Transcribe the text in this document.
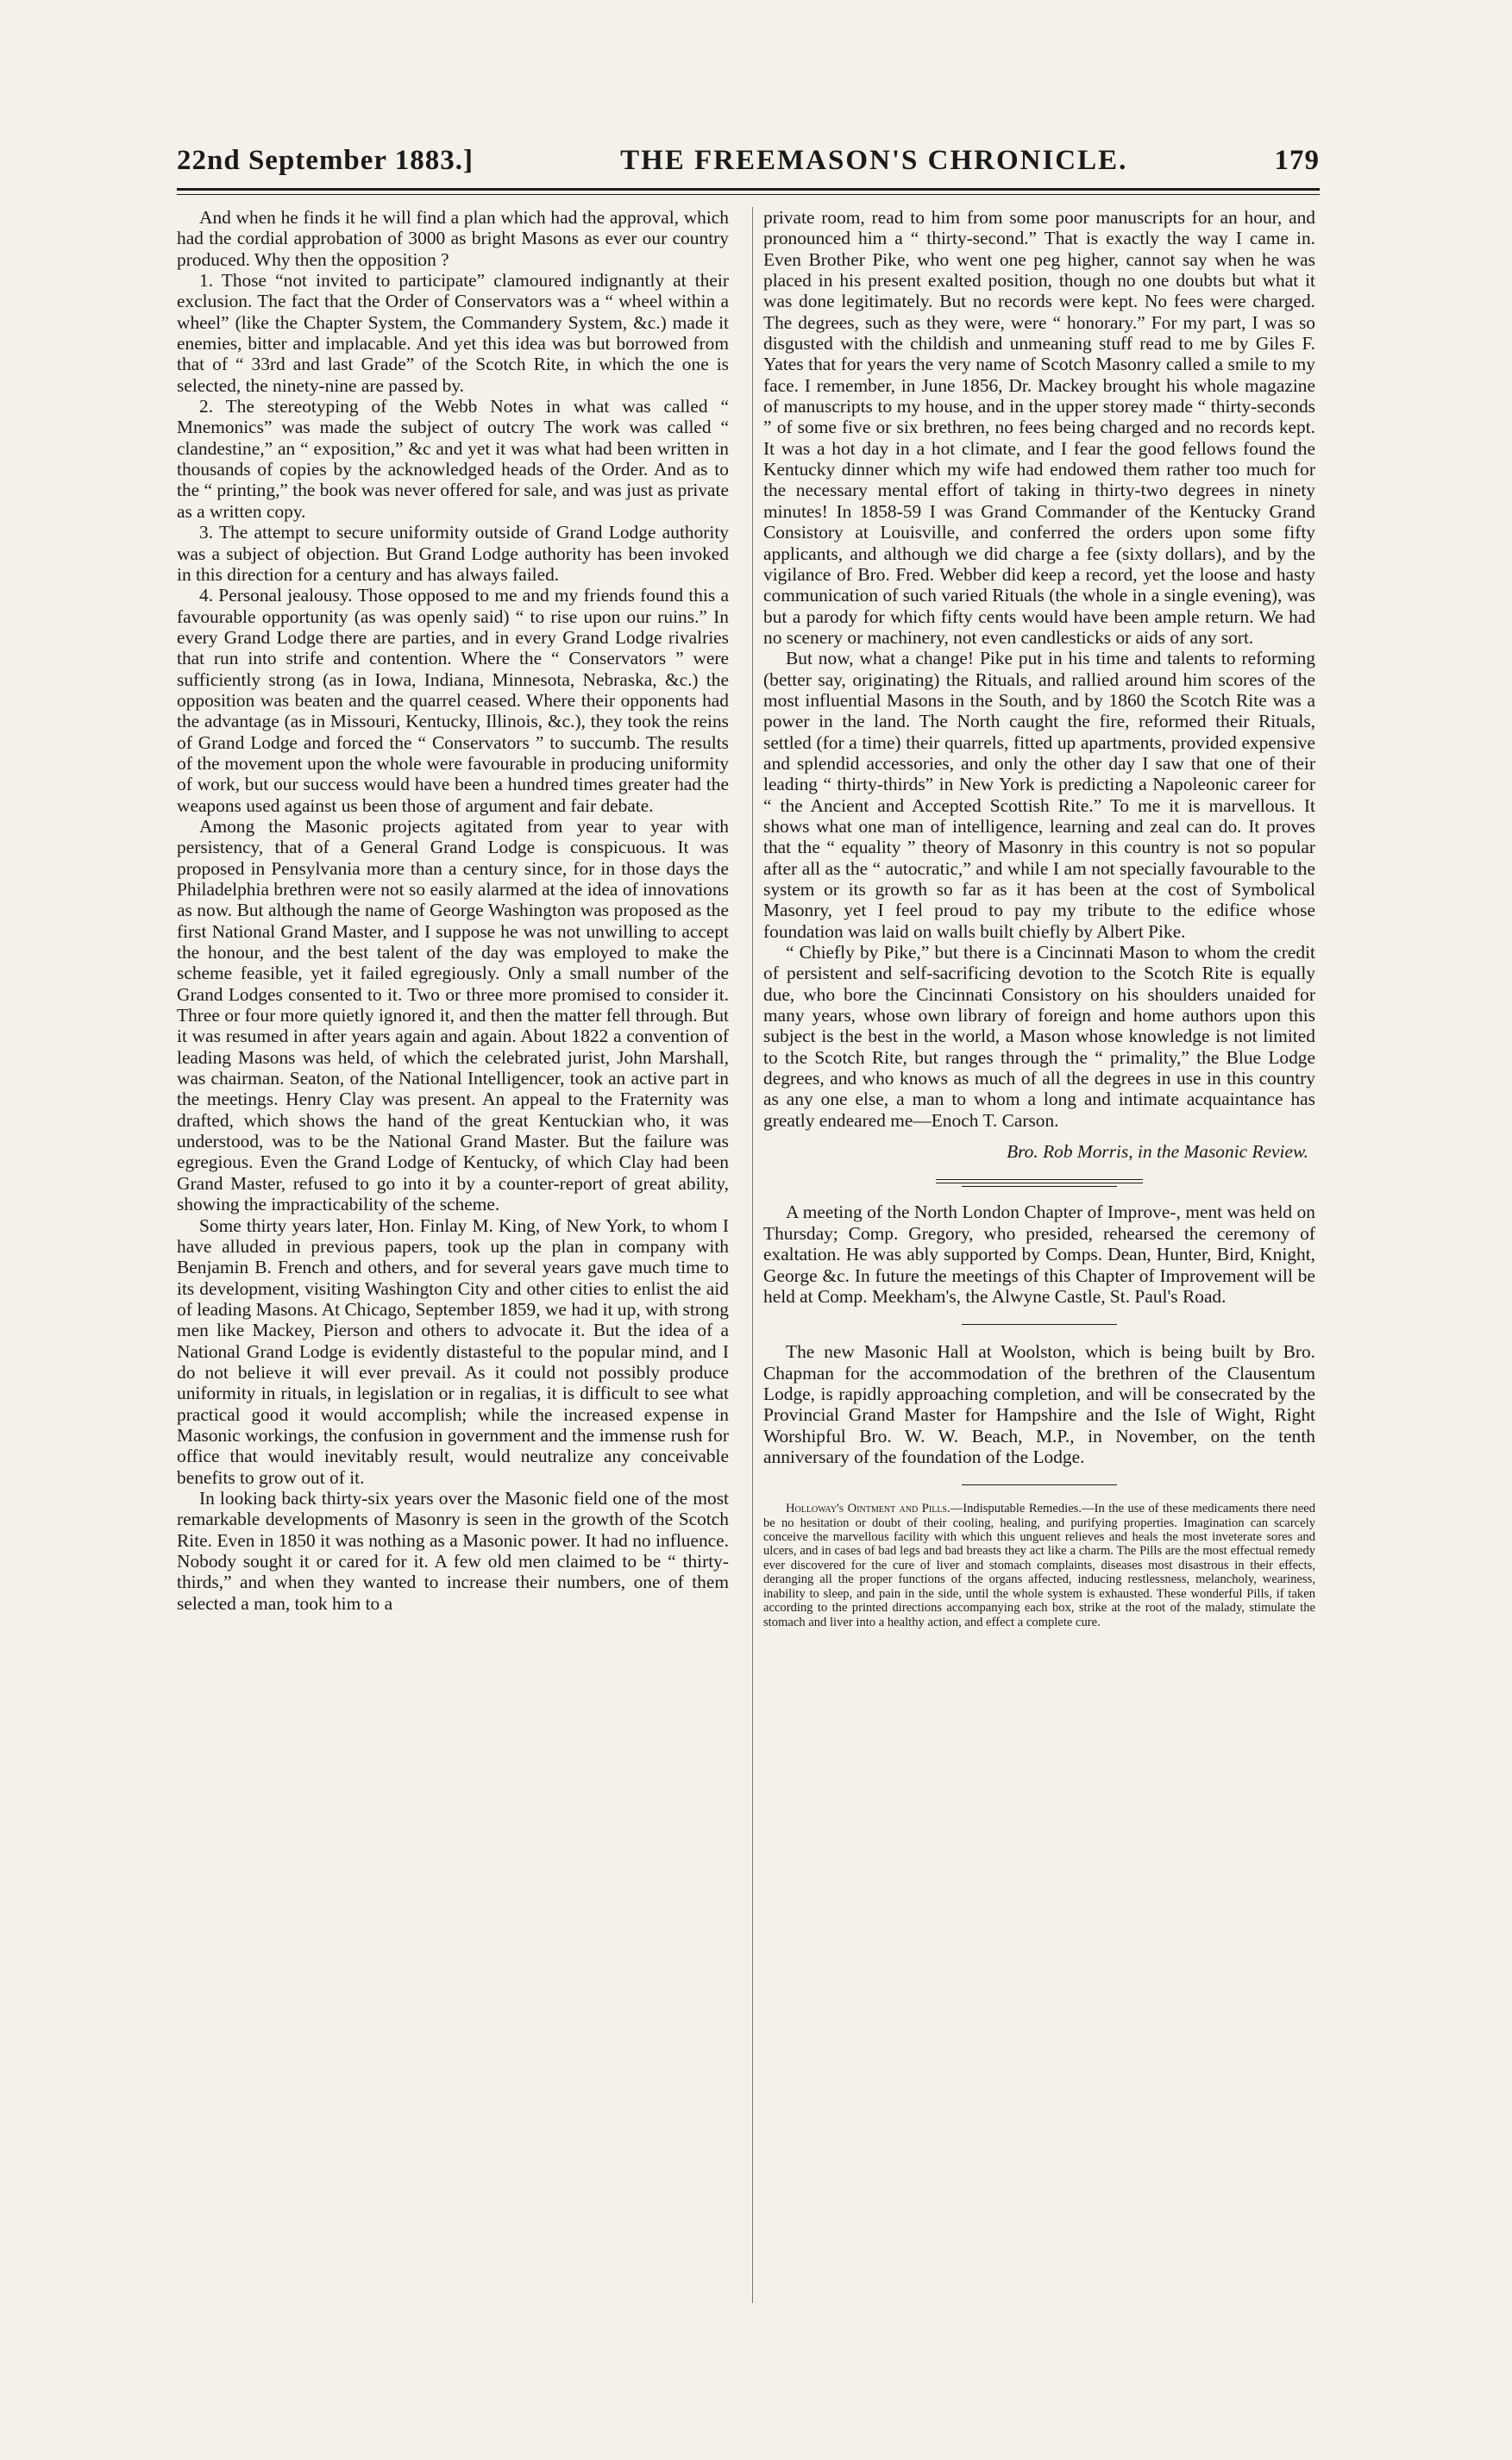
22nd September 1883.]	THE FREEMASON'S CHRONICLE.	179

And when he finds it he will find a plan which had the approval, which had the cordial approbation of 3000 as bright Masons as ever our country produced. Why then the opposition ?

1. Those “not invited to participate” clamoured indignantly at their exclusion. The fact that the Order of Conservators was a “ wheel within a wheel” (like the Chapter System, the Commandery System, &c.) made it enemies, bitter and implacable. And yet this idea was but borrowed from that of “ 33rd and last Grade” of the Scotch Rite, in which the one is selected, the ninety-nine are passed by.

2. The stereotyping of the Webb Notes in what was called “ Mnemonics” was made the subject of outcry The work was called “ clandestine,” an “ exposition,” &c and yet it was what had been written in thousands of copies by the acknowledged heads of the Order. And as to the “ printing,” the book was never offered for sale, and was just as private as a written copy.

3. The attempt to secure uniformity outside of Grand Lodge authority was a subject of objection. But Grand Lodge authority has been invoked in this direction for a century and has always failed.

4. Personal jealousy. Those opposed to me and my friends found this a favourable opportunity (as was openly said) “ to rise upon our ruins.” In every Grand Lodge there are parties, and in every Grand Lodge rivalries that run into strife and contention. Where the “ Conservators ” were sufficiently strong (as in Iowa, Indiana, Minnesota, Nebraska, &c.) the opposition was beaten and the quarrel ceased. Where their opponents had the advantage (as in Missouri, Kentucky, Illinois, &c.), they took the reins of Grand Lodge and forced the “ Conservators ” to succumb. The results of the movement upon the whole were favourable in producing uniformity of work, but our success would have been a hundred times greater had the weapons used against us been those of argument and fair debate.

Among the Masonic projects agitated from year to year with persistency, that of a General Grand Lodge is conspicuous. It was proposed in Pensylvania more than a century since, for in those days the Philadelphia brethren were not so easily alarmed at the idea of innovations as now. But although the name of George Washington was proposed as the first National Grand Master, and I suppose he was not unwilling to accept the honour, and the best talent of the day was employed to make the scheme feasible, yet it failed egregiously. Only a small number of the Grand Lodges consented to it. Two or three more promised to consider it. Three or four more quietly ignored it, and then the matter fell through. But it was resumed in after years again and again. About 1822 a convention of leading Masons was held, of which the celebrated jurist, John Marshall, was chairman. Seaton, of the National Intelligencer, took an active part in the meetings. Henry Clay was present. An appeal to the Fraternity was drafted, which shows the hand of the great Kentuckian who, it was understood, was to be the National Grand Master. But the failure was egregious. Even the Grand Lodge of Kentucky, of which Clay had been Grand Master, refused to go into it by a counter-report of great ability, showing the impracticability of the scheme.

Some thirty years later, Hon. Finlay M. King, of New York, to whom I have alluded in previous papers, took up the plan in company with Benjamin B. French and others, and for several years gave much time to its development, visiting Washington City and other cities to enlist the aid of leading Masons. At Chicago, September 1859, we had it up, with strong men like Mackey, Pierson and others to advocate it. But the idea of a National Grand Lodge is evidently distasteful to the popular mind, and I do not believe it will ever prevail. As it could not possibly produce uniformity in rituals, in legislation or in regalias, it is difficult to see what practical good it would accomplish; while the increased expense in Masonic workings, the confusion in government and the immense rush for office that would inevitably result, would neutralize any conceivable benefits to grow out of it.

In looking back thirty-six years over the Masonic field one of the most remarkable developments of Masonry is seen in the growth of the Scotch Rite. Even in 1850 it was nothing as a Masonic power. It had no influence. Nobody sought it or cared for it. A few old men claimed to be “ thirty-thirds,” and when they wanted to increase their numbers, one of them selected a man, took him to a

private room, read to him from some poor manuscripts for an hour, and pronounced him a “ thirty-second.” That is exactly the way I came in. Even Brother Pike, who went one peg higher, cannot say when he was placed in his present exalted position, though no one doubts but what it was done legitimately. But no records were kept. No fees were charged. The degrees, such as they were, were “ honorary.” For my part, I was so disgusted with the childish and unmeaning stuff read to me by Giles F. Yates that for years the very name of Scotch Masonry called a smile to my face. I remember, in June 1856, Dr. Mackey brought his whole magazine of manuscripts to my house, and in the upper storey made “ thirty-seconds ” of some five or six brethren, no fees being charged and no records kept. It was a hot day in a hot climate, and I fear the good fellows found the Kentucky dinner which my wife had endowed them rather too much for the necessary mental effort of taking in thirty-two degrees in ninety minutes! In 1858-59 I was Grand Commander of the Kentucky Grand Consistory at Louisville, and conferred the orders upon some fifty applicants, and although we did charge a fee (sixty dollars), and by the vigilance of Bro. Fred. Webber did keep a record, yet the loose and hasty communication of such varied Rituals (the whole in a single evening), was but a parody for which fifty cents would have been ample return. We had no scenery or machinery, not even candlesticks or aids of any sort.

But now, what a change! Pike put in his time and talents to reforming (better say, originating) the Rituals, and rallied around him scores of the most influential Masons in the South, and by 1860 the Scotch Rite was a power in the land. The North caught the fire, reformed their Rituals, settled (for a time) their quarrels, fitted up apartments, provided expensive and splendid accessories, and only the other day I saw that one of their leading “ thirty-thirds” in New York is predicting a Napoleonic career for “ the Ancient and Accepted Scottish Rite.” To me it is marvellous. It shows what one man of intelligence, learning and zeal can do. It proves that the “ equality ” theory of Masonry in this country is not so popular after all as the “ autocratic,” and while I am not specially favourable to the system or its growth so far as it has been at the cost of Symbolical Masonry, yet I feel proud to pay my tribute to the edifice whose foundation was laid on walls built chiefly by Albert Pike.

“ Chiefly by Pike,” but there is a Cincinnati Mason to whom the credit of persistent and self-sacrificing devotion to the Scotch Rite is equally due, who bore the Cincinnati Consistory on his shoulders unaided for many years, whose own library of foreign and home authors upon this subject is the best in the world, a Mason whose knowledge is not limited to the Scotch Rite, but ranges through the “ primality,” the Blue Lodge degrees, and who knows as much of all the degrees in use in this country as any one else, a man to whom a long and intimate acquaintance has greatly endeared me—Enoch T. Carson.

Bro. Rob Morris, in the Masonic Review.

A meeting of the North London Chapter of Improve-, ment was held on Thursday; Comp. Gregory, who presided, rehearsed the ceremony of exaltation. He was ably supported by Comps. Dean, Hunter, Bird, Knight, George &c. In future the meetings of this Chapter of Improvement will be held at Comp. Meekham's, the Alwyne Castle, St. Paul's Road.

The new Masonic Hall at Woolston, which is being built by Bro. Chapman for the accommodation of the brethren of the Clausentum Lodge, is rapidly approaching completion, and will be consecrated by the Provincial Grand Master for Hampshire and the Isle of Wight, Right Worshipful Bro. W. W. Beach, M.P., in November, on the tenth anniversary of the foundation of the Lodge.

Holloway's Ointment and Pills.—Indisputable Remedies.—In the use of these medicaments there need be no hesitation or doubt of their cooling, healing, and purifying properties. Imagination can scarcely conceive the marvellous facility with which this unguent relieves and heals the most inveterate sores and ulcers, and in cases of bad legs and bad breasts they act like a charm. The Pills are the most effectual remedy ever discovered for the cure of liver and stomach complaints, diseases most disastrous in their effects, deranging all the proper functions of the organs affected, inducing restlessness, melancholy, weariness, inability to sleep, and pain in the side, until the whole system is exhausted. These wonderful Pills, if taken according to the printed directions accompanying each box, strike at the root of the malady, stimulate the stomach and liver into a healthy action, and effect a complete cure.
